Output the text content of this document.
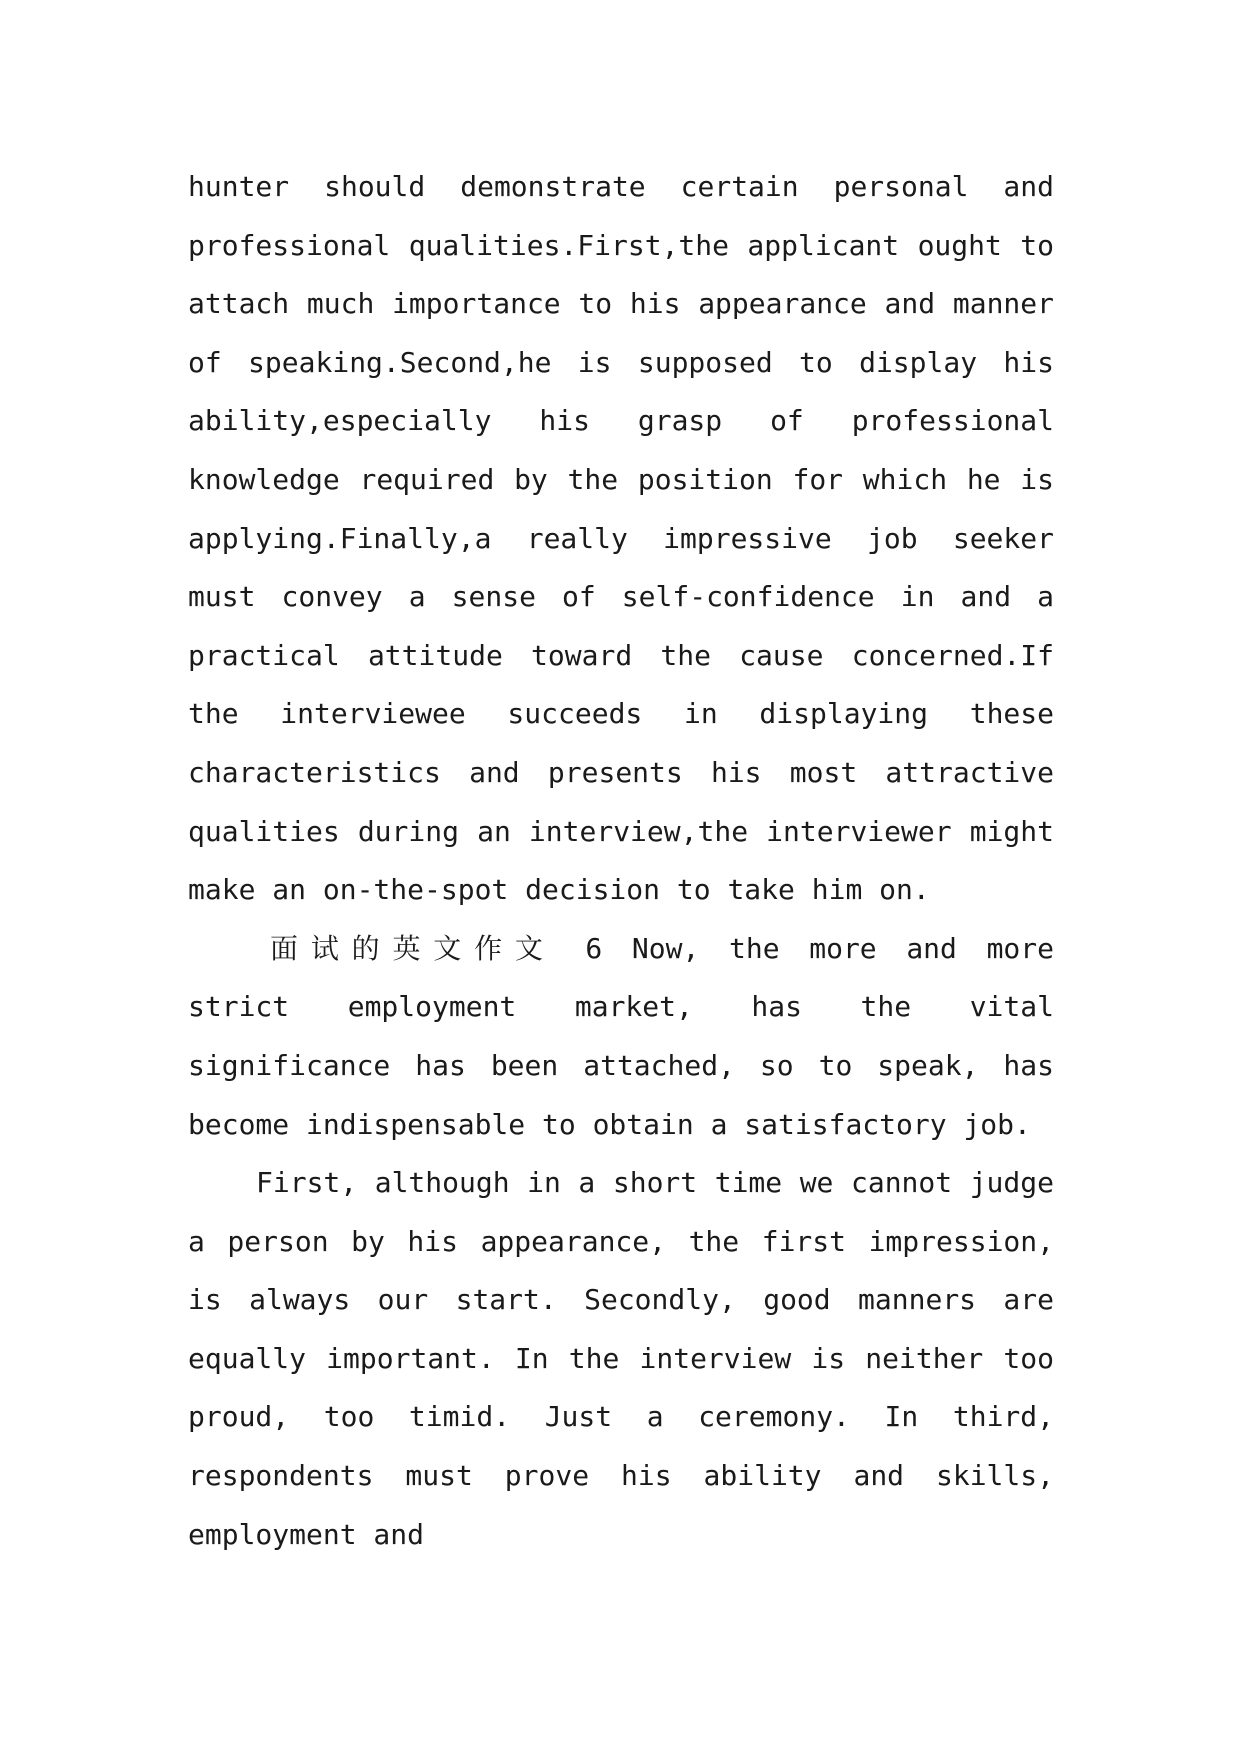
hunter should demonstrate certain personal and
professional qualities.First,the applicant ought to
attach much importance to his appearance and manner
of speaking.Second,he is supposed to display his
ability,especially his grasp of professional
knowledge required by the position for which he is
applying.Finally,a really impressive job seeker
must convey a sense of self-confidence in and a
practical attitude toward the cause concerned.If
the interviewee succeeds in displaying these
characteristics and presents his most attractive
qualities during an interview,the interviewer might
make an on-the-spot decision to take him on.
面试的英文作文 6 Now, the more and more
strict employment market, has the vital
significance has been attached, so to speak, has
become indispensable to obtain a satisfactory job.
First, although in a short time we cannot judge
a person by his appearance, the first impression,
is always our start. Secondly, good manners are
equally important. In the interview is neither too
proud, too timid. Just a ceremony. In third,
respondents must prove his ability and skills,
employment and
